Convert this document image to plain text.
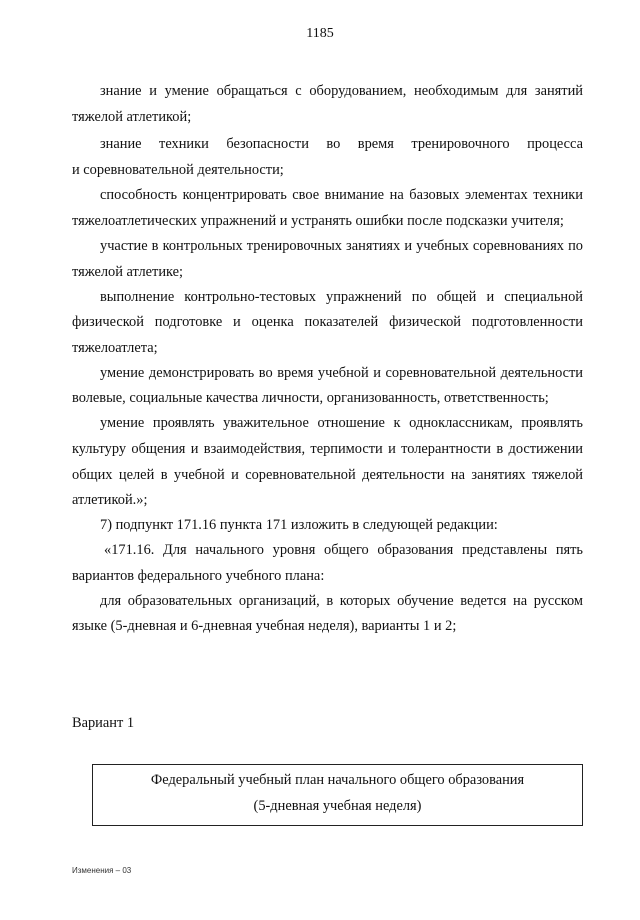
1185
знание и умение обращаться с оборудованием, необходимым для занятий
тяжелой атлетикой;
знание техники безопасности во время тренировочного процесса
и соревновательной деятельности;
способность концентрировать свое внимание на базовых элементах техники
тяжелоатлетических упражнений и устранять ошибки после подсказки учителя;
участие в контрольных тренировочных занятиях и учебных соревнованиях по
тяжелой атлетике;
выполнение контрольно-тестовых упражнений по общей и специальной
физической подготовке и оценка показателей физической подготовленности
тяжелоатлета;
умение демонстрировать во время учебной и соревновательной деятельности
волевые, социальные качества личности, организованность, ответственность;
умение проявлять уважительное отношение к одноклассникам, проявлять
культуру общения и взаимодействия, терпимости и толерантности в достижении
общих целей в учебной и соревновательной деятельности на занятиях тяжелой
атлетикой.»;
7) подпункт 171.16 пункта 171 изложить в следующей редакции:
«171.16. Для начального уровня общего образования представлены пять
вариантов федерального учебного плана:
для образовательных организаций, в которых обучение ведется на русском
языке (5-дневная и 6-дневная учебная неделя), варианты 1 и 2;
Вариант 1
Федеральный учебный план начального общего образования
(5-дневная учебная неделя)
Изменения – 03
